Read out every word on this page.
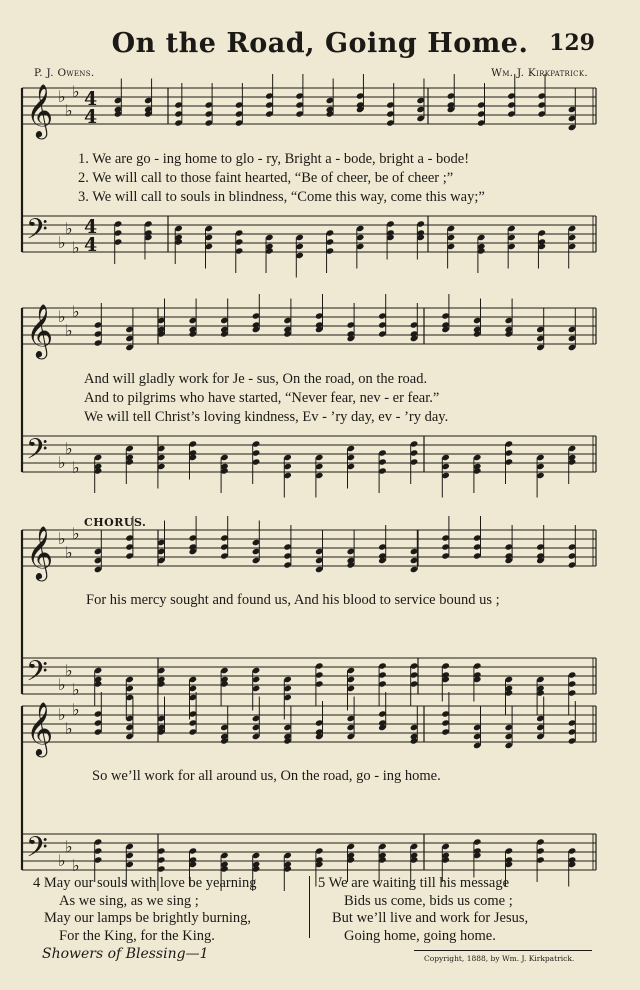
On the Road, Going Home. 129
P. J. Owens.	Wm. J. Kirkpatrick.
𝄞 ♭
♭
♭ 4
4
𝄢 ♭
♭
♭
4
4
𝄞 ♭
♭
♭
𝄢 ♭
♭
♭
𝄞 ♭
♭
♭
𝄢 ♭
♭
♭
𝄞 ♭
♭
♭
𝄢 ♭
♭
♭
1. We are go - ing home to glo - ry, Bright a - bode, bright a - bode!
2. We will call to those faint hearted, “Be of cheer, be of cheer ;”
3. We will call to souls in blindness, “Come this way, come this way;”
And will gladly work for Je - sus, On the road, on the road.
And to pilgrims who have started, “Never fear, nev - er fear.”
We will tell Christ’s loving kindness, Ev - ’ry day, ev - ’ry day.
CHORUS.
For his mercy sought and found us, And his blood to service bound us ;
So we’ll work for all around us, On the road, go - ing home.
4 May our souls with love be yearning
As we sing, as we sing ;
May our lamps be brightly burning,
For the King, for the King.
5 We are waiting till his message
Bids us come, bids us come ;
But we’ll live and work for Jesus,
Going home, going home.
Showers of Blessing—1	Copyright, 1888, by Wm. J. Kirkpatrick.
